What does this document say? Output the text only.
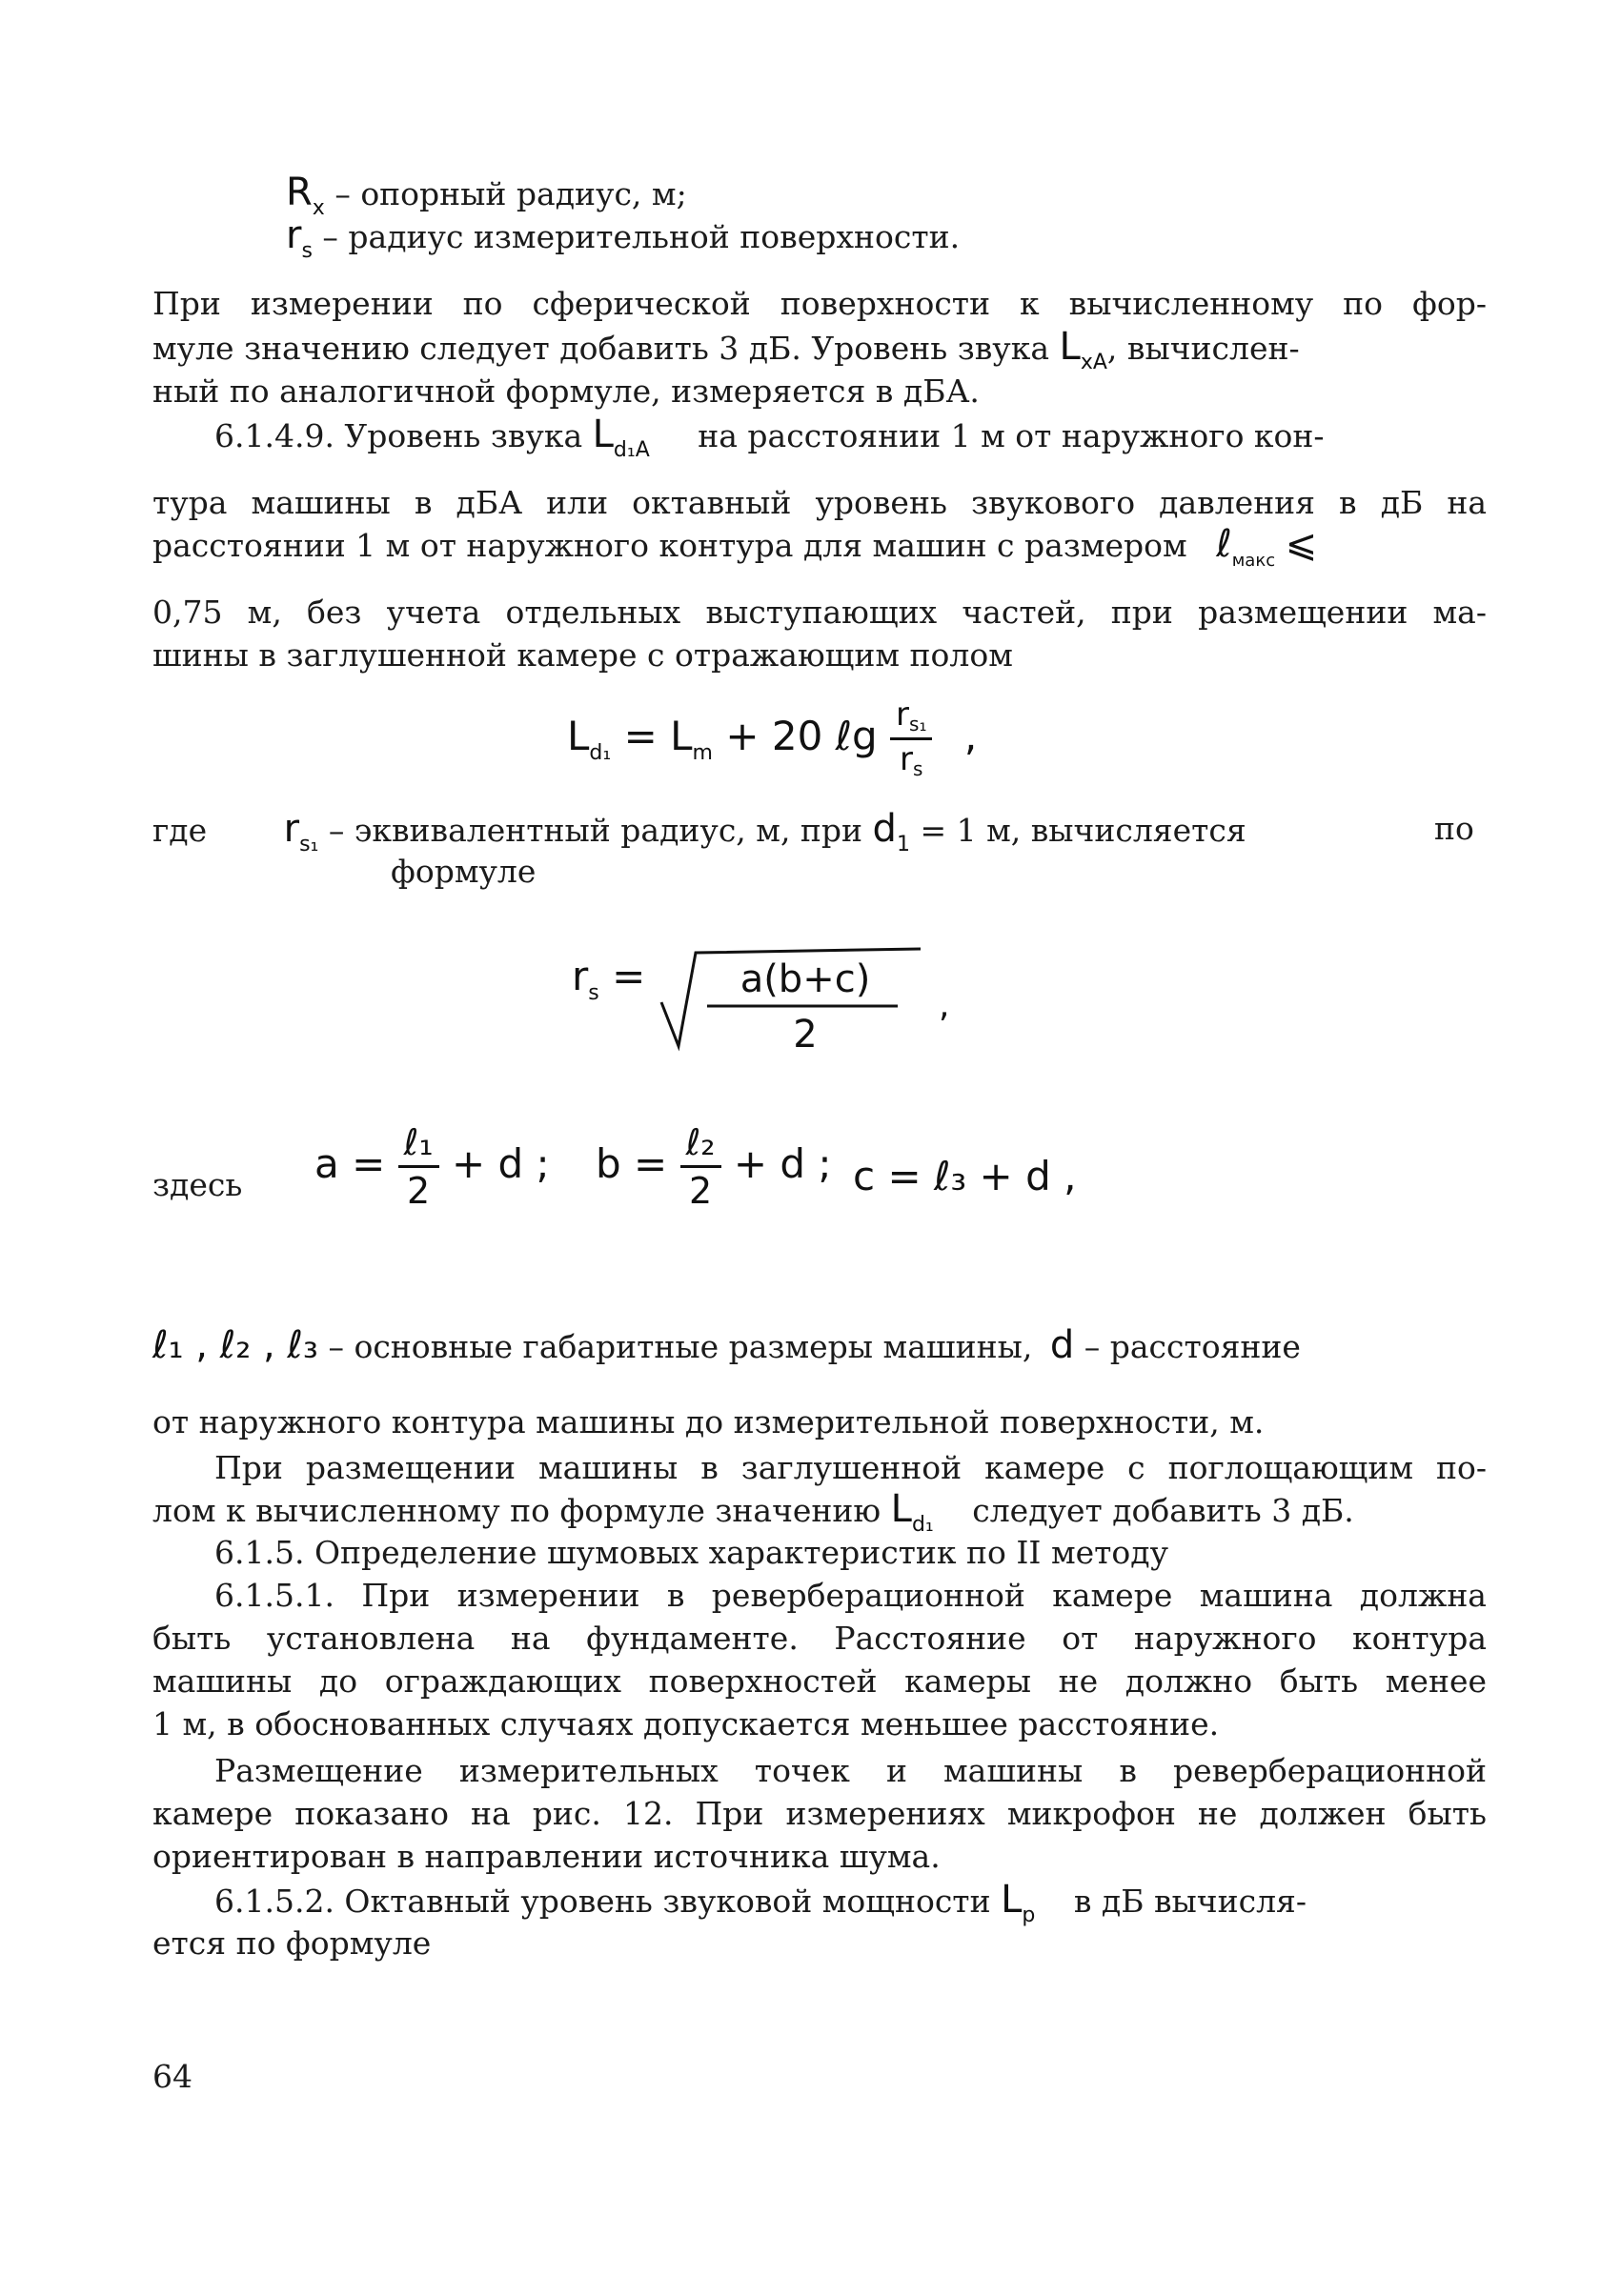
$R_x$ – опорный радиус, м;
$r_s$ – радиус измерительной поверхности.
При измерении по сферической поверхности к вычисленному по фор-
муле значению следует добавить 3 дБ. Уровень звука $L_{xA}$, вычислен-
ный по аналогичной формуле, измеряется в дБА.
6.1.4.9. Уровень звука $L_{d_1A}$ на расстоянии 1 м от наружного кон-
тура машины в дБА или октавный уровень звукового давления в дБ на
расстоянии 1 м от наружного контура для машин с размером ℓ$_{макс}$ ⩽
0,75 м, без учета отдельных выступающих частей, при размещении ма-
шины в заглушенной камере с отражающим полом
$L_{d_1} = L_m + 20$ ℓg $\frac{\text{rs₁}}{rs}$ ,
где $r_{s_1}$ – эквивалентный радиус, м, при $d_1 = 1$ м, вычисляется	по
формуле
$r_s$ =	a(b+c)
2
,
здесь $a = \frac{\text{ℓ₁}}{2} + d$ ; $b = \frac{\text{ℓ₂}}{2} + d$ ; c = ℓ₃ + d ,
ℓ₁ , ℓ₂ , ℓ₃ – основные габаритные размеры машины, d – расстояние
от наружного контура машины до измерительной поверхности, м.
При размещении машины в заглушенной камере с поглощающим по-
лом к вычисленному по формуле значению $L_{d_1}$ следует добавить 3 дБ.
6.1.5. Определение шумовых характеристик по II методу
6.1.5.1. При измерении в реверберационной камере машина должна
быть установлена на фундаменте. Расстояние от наружного контура
машины до ограждающих поверхностей камеры не должно быть менее
1 м, в обоснованных случаях допускается меньшее расстояние.
Размещение измерительных точек и машины в реверберационной
камере показано на рис. 12. При измерениях микрофон не должен быть
ориентирован в направлении источника шума.
6.1.5.2. Октавный уровень звуковой мощности $L_p$ в дБ вычисля-
ется по формуле
64
